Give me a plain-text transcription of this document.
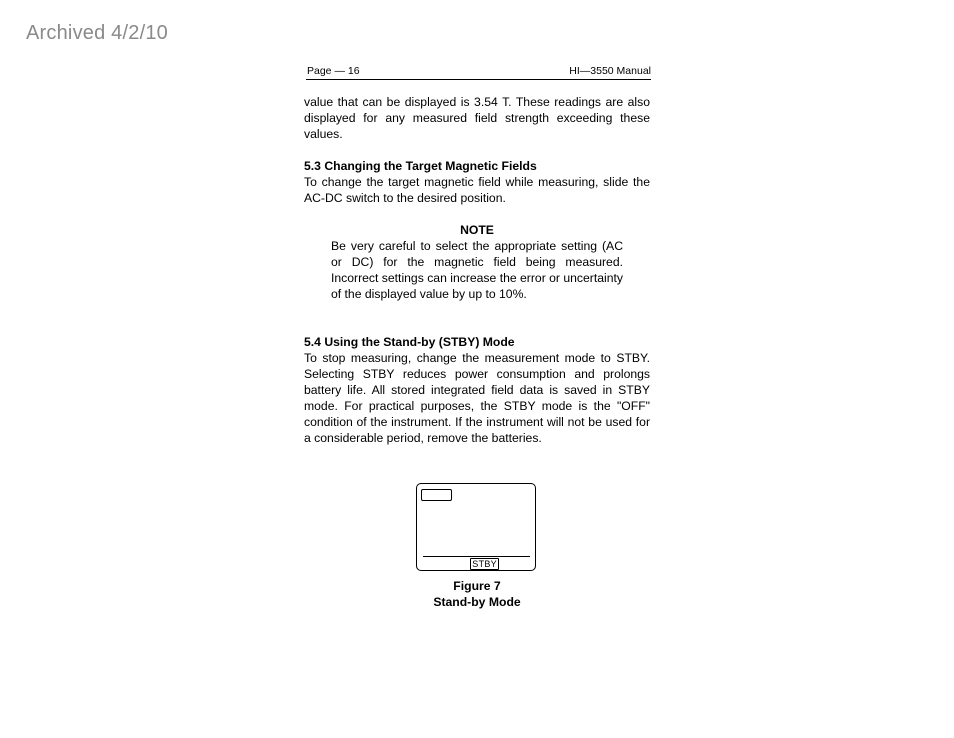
Archived 4/2/10
Page — 16	HI—3550 Manual
value that can be displayed is 3.54 T. These readings are also displayed for any measured field strength exceeding these values.
5.3 Changing the Target Magnetic Fields
To change the target magnetic field while measuring, slide the AC-DC switch to the desired position.
NOTE
Be very careful to select the appropriate setting (AC or DC) for the magnetic field being measured. Incorrect settings can increase the error or uncertainty of the displayed value by up to 10%.
5.4 Using the Stand-by (STBY) Mode
To stop measuring, change the measurement mode to STBY. Selecting STBY reduces power consumption and prolongs battery life. All stored integrated field data is saved in STBY mode. For practical purposes, the STBY mode is the "OFF" condition of the instrument. If the instrument will not be used for a considerable period, remove the batteries.
STBY
Figure 7
Stand-by Mode
